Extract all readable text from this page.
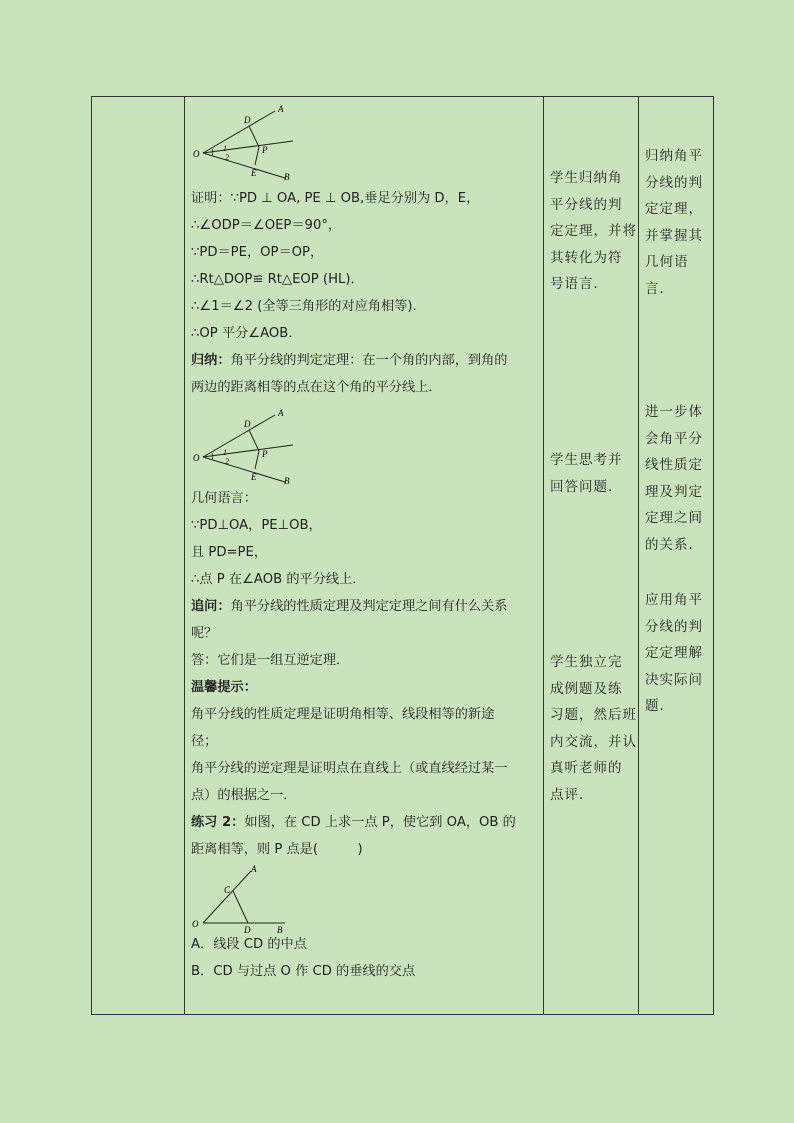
A
D
P
O
1
2
E	B
证明：∵PD ⊥ OA, PE ⊥ OB,垂足分别为 D，E，
∴∠ODP＝∠OEP＝90°，
∵PD＝PE，OP＝OP，
∴Rt△DOP≌ Rt△EOP (HL)．
∴∠1＝∠2 (全等三角形的对应角相等)．
∴OP 平分∠AOB．
归纳：角平分线的判定定理：在一个角的内部，到角的
两边的距离相等的点在这个角的平分线上．
A
D
P
O
1
2
E	B
几何语言：
∵PD⊥OA，PE⊥OB，
且 PD=PE，
∴点 P 在∠AOB 的平分线上．
追问：角平分线的性质定理及判定定理之间有什么关系
呢？
答：它们是一组互逆定理．
温馨提示：
角平分线的性质定理是证明角相等、线段相等的新途
径；
角平分线的逆定理是证明点在直线上（或直线经过某一
点）的根据之一．
练习 2：如图，在 CD 上求一点 P，使它到 OA，OB 的
距离相等，则 P 点是(　　　)
A
C
O
D	B
A．线段 CD 的中点
B．CD 与过点 O 作 CD 的垂线的交点

学生归纳角
平分线的判
定定理，并将
其转化为符
号语言．
学生思考并
回答问题．
学生独立完
成例题及练
习题，然后班
内交流，并认
真听老师的
点评．

归纳角平
分线的判
定定理，
并掌握其
几何语言．
进一步体
会角平分
线性质定
理及判定
定理之间
的关系．
应用角平
分线的判
定定理解
决实际问
题．
